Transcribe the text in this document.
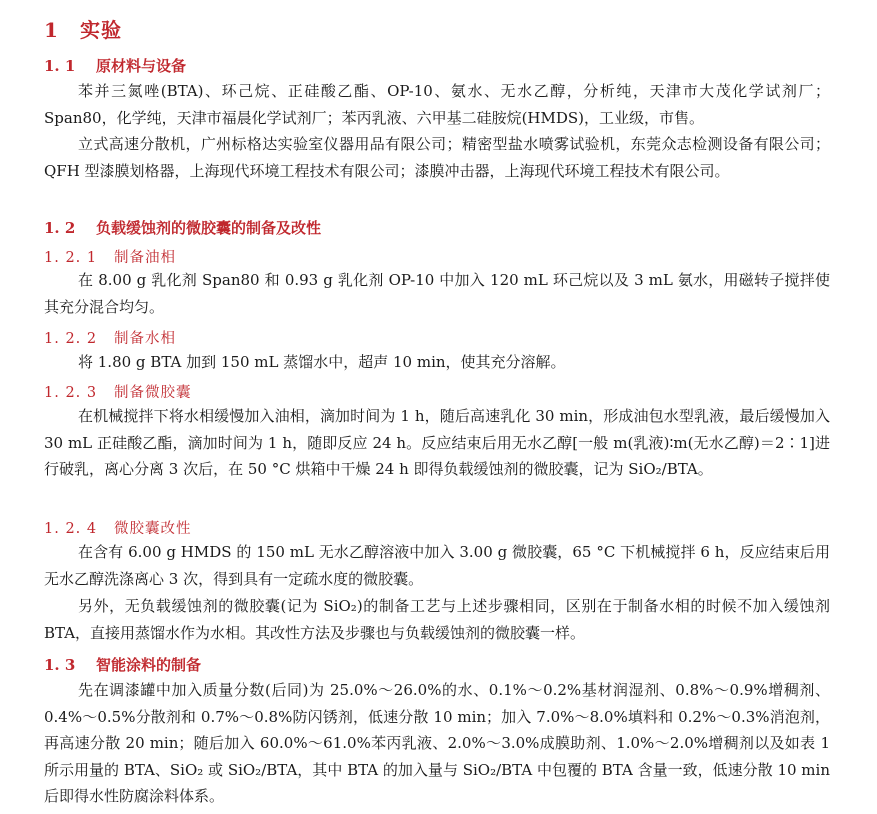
1 实验
1. 1 原材料与设备

苯并三氮唑(BTA)、环己烷、正硅酸乙酯、OP-10、氨水、无水乙醇，分析纯，天津市大茂化学试剂厂；Span80，化学纯，天津市福晨化学试剂厂；苯丙乳液、六甲基二硅胺烷(HMDS)，工业级，市售。

立式高速分散机，广州标格达实验室仪器用品有限公司；精密型盐水喷雾试验机，东莞众志检测设备有限公司；QFH 型漆膜划格器，上海现代环境工程技术有限公司；漆膜冲击器，上海现代环境工程技术有限公司。

1. 2 负载缓蚀剂的微胶囊的制备及改性
1. 2. 1 制备油相

在 8.00 g 乳化剂 Span80 和 0.93 g 乳化剂 OP-10 中加入 120 mL 环己烷以及 3 mL 氨水，用磁转子搅拌使其充分混合均匀。

1. 2. 2 制备水相

将 1.80 g BTA 加到 150 mL 蒸馏水中，超声 10 min，使其充分溶解。

1. 2. 3 制备微胶囊

在机械搅拌下将水相缓慢加入油相，滴加时间为 1 h，随后高速乳化 30 min，形成油包水型乳液，最后缓慢加入 30 mL 正硅酸乙酯，滴加时间为 1 h，随即反应 24 h。反应结束后用无水乙醇[一般 m(乳液)∶m(无水乙醇)＝2∶1]进行破乳，离心分离 3 次后，在 50 °C 烘箱中干燥 24 h 即得负载缓蚀剂的微胶囊，记为 SiO₂/BTA。

1. 2. 4 微胶囊改性

在含有 6.00 g HMDS 的 150 mL 无水乙醇溶液中加入 3.00 g 微胶囊，65 °C 下机械搅拌 6 h，反应结束后用无水乙醇洗涤离心 3 次，得到具有一定疏水度的微胶囊。

另外，无负载缓蚀剂的微胶囊(记为 SiO₂)的制备工艺与上述步骤相同，区别在于制备水相的时候不加入缓蚀剂 BTA，直接用蒸馏水作为水相。其改性方法及步骤也与负载缓蚀剂的微胶囊一样。

1. 3 智能涂料的制备

先在调漆罐中加入质量分数(后同)为 25.0%～26.0%的水、0.1%～0.2%基材润湿剂、0.8%～0.9%增稠剂、0.4%～0.5%分散剂和 0.7%～0.8%防闪锈剂，低速分散 10 min；加入 7.0%～8.0%填料和 0.2%～0.3%消泡剂，再高速分散 20 min；随后加入 60.0%～61.0%苯丙乳液、2.0%～3.0%成膜助剂、1.0%～2.0%增稠剂以及如表 1 所示用量的 BTA、SiO₂ 或 SiO₂/BTA，其中 BTA 的加入量与 SiO₂/BTA 中包覆的 BTA 含量一致，低速分散 10 min 后即得水性防腐涂料体系。
